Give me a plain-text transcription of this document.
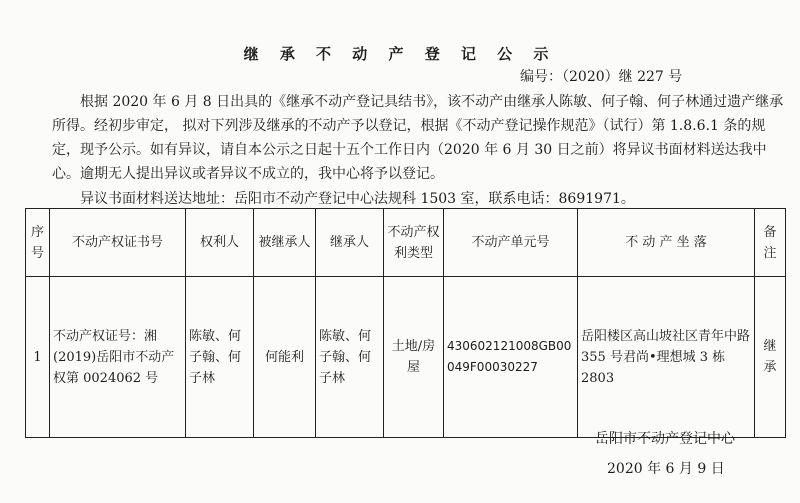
继 承 不 动 产 登 记 公 示
编号：（2020）继 227 号
根据 2020 年 6 月 8 日出具的《继承不动产登记具结书》，该不动产由继承人陈敏、何子翰、何子林通过遗产继承所得。经初步审定， 拟对下列涉及继承的不动产予以登记，根据《不动产登记操作规范》（试行）第 1.8.6.1 条的规定，现予公示。如有异议，请自本公示之日起十五个工作日内（2020 年 6 月 30 日之前）将异议书面材料送达我中心。逾期无人提出异议或者异议不成立的，我中心将予以登记。
异议书面材料送达地址：岳阳市不动产登记中心法规科 1503 室，联系电话：8691971。
序号	不动产权证书号	权利人	被继承人	继承人	不动产权利类型	不动产单元号	不 动 产 坐 落	备注
1	不动产权证号：湘(2019)岳阳市不动产权第 0024062 号	陈敏、何子翰、何子林	何能利	陈敏、何子翰、何子林	土地/房屋	430602121008GB00049F00030227	岳阳楼区高山坡社区青年中路 355 号君尚•理想城 3 栋 2803	继承
岳阳市不动产登记中心
2020 年 6 月 9 日
